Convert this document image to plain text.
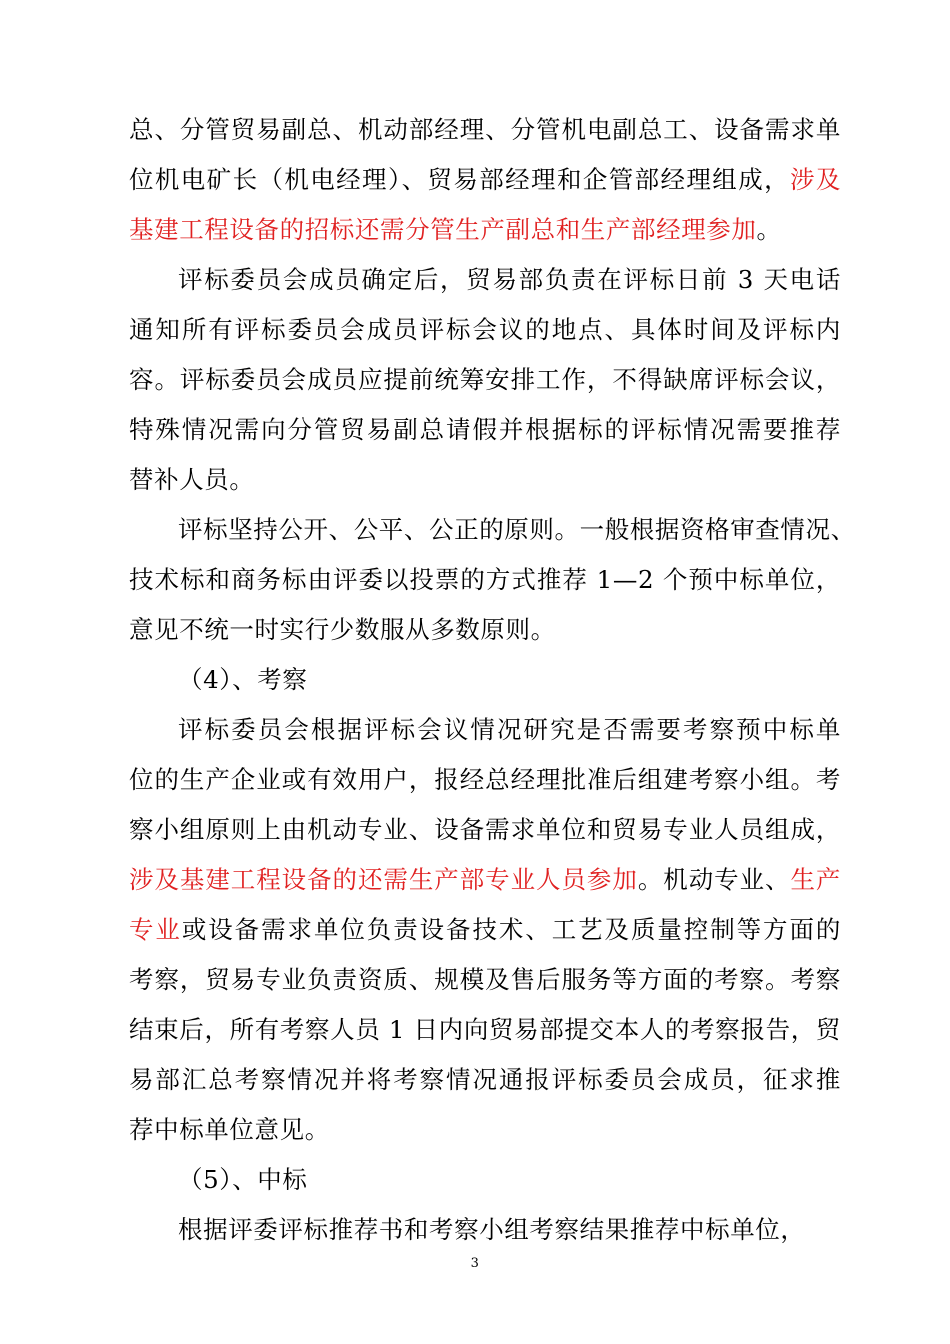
总、分管贸易副总、机动部经理、分管机电副总工、设备需求单
位机电矿长（机电经理）、贸易部经理和企管部经理组成，涉及
基建工程设备的招标还需分管生产副总和生产部经理参加。
评标委员会成员确定后，贸易部负责在评标日前 3 天电话
通知所有评标委员会成员评标会议的地点、具体时间及评标内
容。评标委员会成员应提前统筹安排工作，不得缺席评标会议，
特殊情况需向分管贸易副总请假并根据标的评标情况需要推荐
替补人员。
评标坚持公开、公平、公正的原则。一般根据资格审查情况、
技术标和商务标由评委以投票的方式推荐 1—2 个预中标单位，
意见不统一时实行少数服从多数原则。
（4）、考察
评标委员会根据评标会议情况研究是否需要考察预中标单
位的生产企业或有效用户，报经总经理批准后组建考察小组。考
察小组原则上由机动专业、设备需求单位和贸易专业人员组成，
涉及基建工程设备的还需生产部专业人员参加。机动专业、生产
专业或设备需求单位负责设备技术、工艺及质量控制等方面的
考察，贸易专业负责资质、规模及售后服务等方面的考察。考察
结束后，所有考察人员 1 日内向贸易部提交本人的考察报告，贸
易部汇总考察情况并将考察情况通报评标委员会成员，征求推
荐中标单位意见。
（5）、中标
根据评委评标推荐书和考察小组考察结果推荐中标单位，
3
